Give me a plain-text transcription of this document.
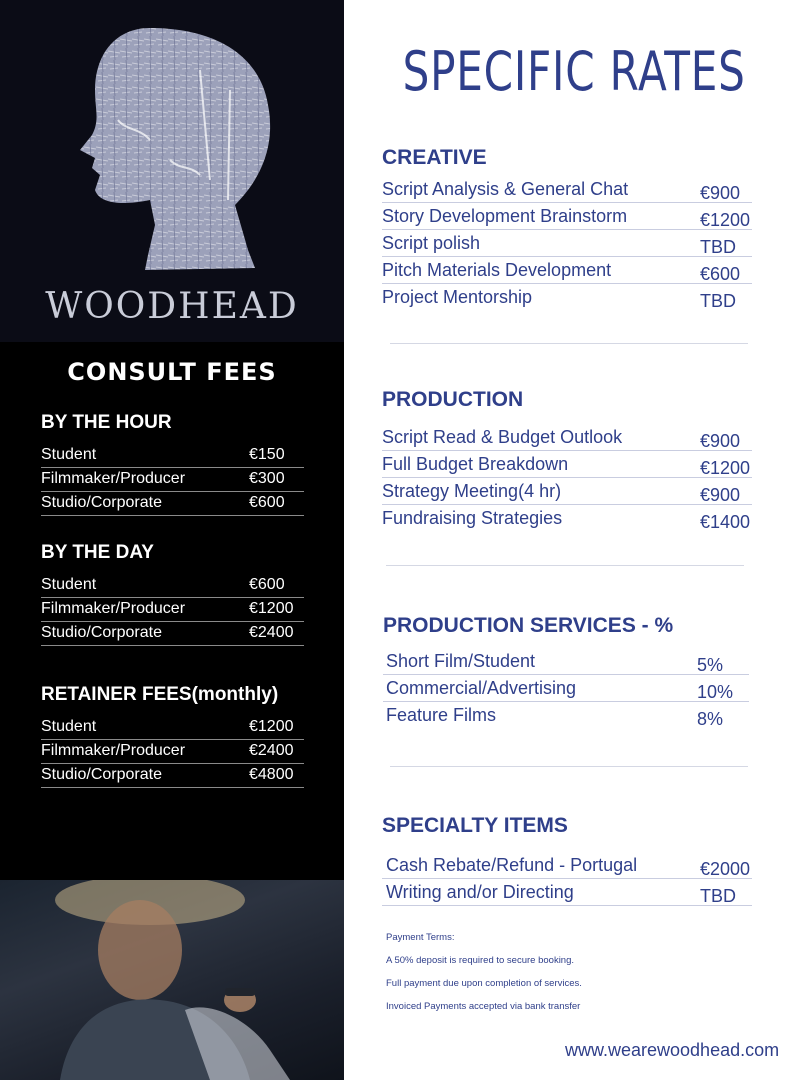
WOODHEAD
CONSULT FEES
BY THE HOUR
Student	€150
Filmmaker/Producer	€300
Studio/Corporate	€600
BY THE DAY
Student	€600
Filmmaker/Producer	€1200
Studio/Corporate	€2400
RETAINER FEES(monthly)
Student	€1200
Filmmaker/Producer	€2400
Studio/Corporate	€4800
SPECIFIC RATES
CREATIVE
Script Analysis & General Chat	€900
Story Development Brainstorm	€1200
Script polish	TBD
Pitch Materials Development	€600
Project Mentorship	TBD
PRODUCTION
Script Read & Budget Outlook	€900
Full Budget Breakdown	€1200
Strategy Meeting(4 hr)	€900
Fundraising Strategies	€1400
PRODUCTION SERVICES - %
Short Film/Student	5%
Commercial/Advertising	10%
Feature Films	8%
SPECIALTY ITEMS
Cash Rebate/Refund - Portugal	€2000
Writing and/or Directing	TBD
Payment Terms:
A 50% deposit is required to secure booking.
Full payment due upon completion of services.
Invoiced Payments accepted via bank transfer
www.wearewoodhead.com
